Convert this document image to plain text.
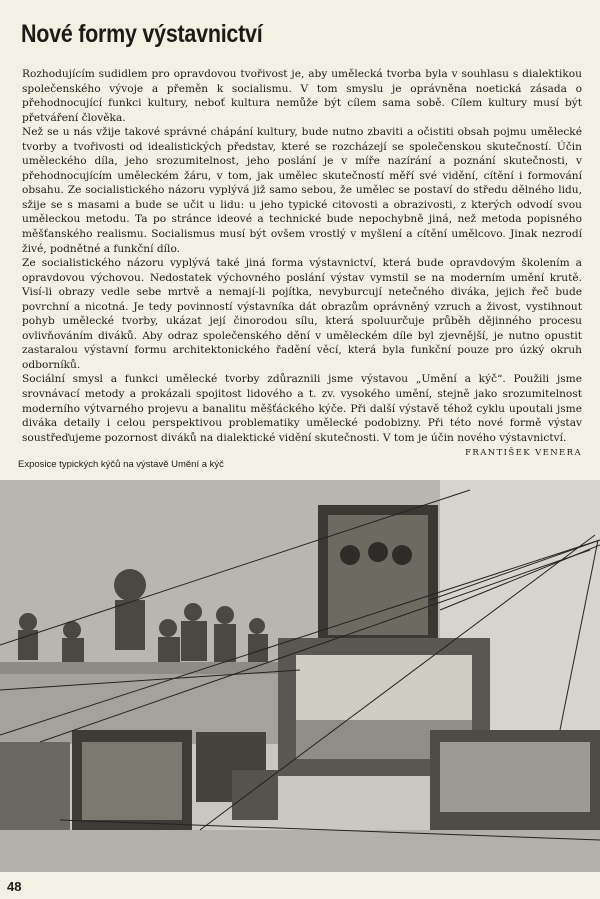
Nové formy výstavnictví

Rozhodujícím sudidlem pro opravdovou tvořivost je, aby umělecká tvorba byla v souhlasu s dialektikou společenského vývoje a přeměn k socialismu. V tom smyslu je oprávněna noetická zásada o přehodnocující funkci kultury, neboť kultura nemůže být cílem sama sobě. Cílem kultury musí být přetváření člověka.

Než se u nás vžije takové správné chápání kultury, bude nutno zbaviti a očistiti obsah pojmu umělecké tvorby a tvořivosti od idealistických představ, které se rozcházejí se společenskou skutečností. Účin uměleckého díla, jeho srozumitelnost, jeho poslání je v míře nazírání a poznání skutečnosti, v přehodnocujícím uměleckém žáru, v tom, jak umělec skutečností měří své vidění, cítění i formování obsahu. Ze socialistického názoru vyplývá již samo sebou, že umělec se postaví do středu dělného lidu, sžije se s masami a bude se učit u lidu: u jeho typické citovosti a obrazivosti, z kterých odvodí svou uměleckou metodu. Ta po stránce ideové a technické bude nepochybně jiná, než metoda popisného měšťanského realismu. Socialismus musí být ovšem vrostlý v myšlení a cítění umělcovo. Jinak nezrodí živé, podnětné a funkční dílo.

Ze socialistického názoru vyplývá také jiná forma výstavnictví, která bude opravdovým školením a opravdovou výchovou. Nedostatek výchovného poslání výstav vymstil se na moderním umění krutě. Visí-li obrazy vedle sebe mrtvě a nemají-li pojítka, nevyburcují netečného diváka, jejich řeč bude povrchní a nicotná. Je tedy povinností výstavníka dát obrazům oprávněný vzruch a živost, vystihnout pohyb umělecké tvorby, ukázat její činorodou sílu, která spoluurčuje průběh dějinného procesu ovlivňováním diváků. Aby odraz společenského dění v uměleckém díle byl zjevnější, je nutno opustit zastaralou výstavní formu architektonického řadění věcí, která byla funkční pouze pro úzký okruh odborníků.

Sociální smysl a funkci umělecké tvorby zdůraznili jsme výstavou „Umění a kýč“. Použili jsme srovnávací metody a prokázali spojitost lidového a t. zv. vysokého umění, stejně jako srozumitelnost moderního výtvarného projevu a banalitu měšťáckého kýče. Při další výstavě téhož cyklu upoutali jsme diváka detaily i celou perspektivou problematiky umělecké podobizny. Při této nové formě výstav soustřeďujeme pozornost diváků na dialektické vidění skutečnosti. V tom je účin nového výstavnictví.
FRANTIŠEK VENERA

Exposice typických kýčů na výstavě Umění a kýč
48
